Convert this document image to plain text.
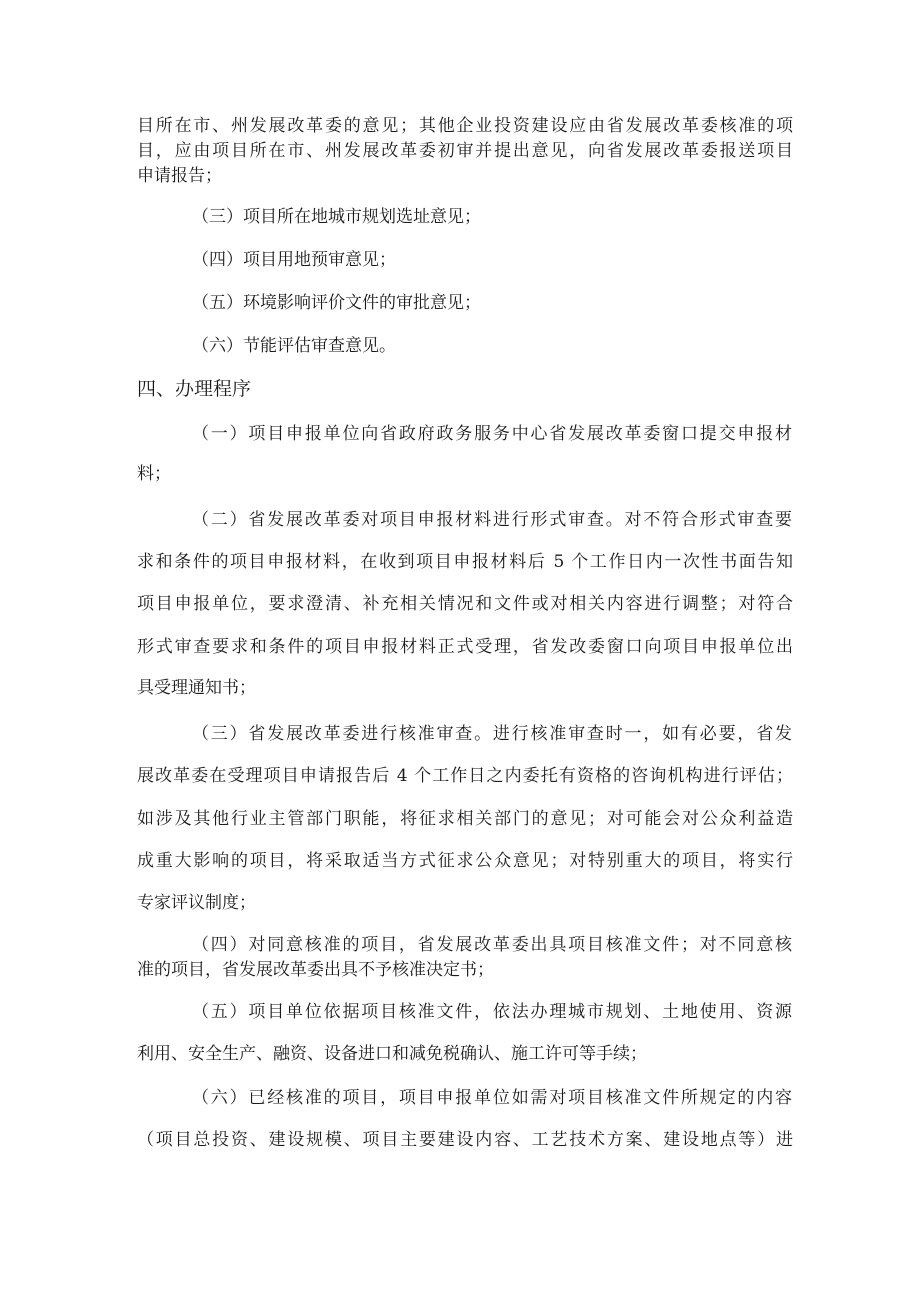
目所在市、州发展改革委的意见；其他企业投资建设应由省发展改革委核准的项
目，应由项目所在市、州发展改革委初审并提出意见，向省发展改革委报送项目
申请报告；
（三）项目所在地城市规划选址意见；
（四）项目用地预审意见；
（五）环境影响评价文件的审批意见；
（六）节能评估审查意见。
四、办理程序
（一）项目申报单位向省政府政务服务中心省发展改革委窗口提交申报材
料；
（二）省发展改革委对项目申报材料进行形式审查。对不符合形式审查要
求和条件的项目申报材料，在收到项目申报材料后 5 个工作日内一次性书面告知
项目申报单位，要求澄清、补充相关情况和文件或对相关内容进行调整；对符合
形式审查要求和条件的项目申报材料正式受理，省发改委窗口向项目申报单位出
具受理通知书；
（三）省发展改革委进行核准审查。进行核准审查时一，如有必要，省发
展改革委在受理项目申请报告后 4 个工作日之内委托有资格的咨询机构进行评估；
如涉及其他行业主管部门职能，将征求相关部门的意见；对可能会对公众利益造
成重大影响的项目，将采取适当方式征求公众意见；对特别重大的项目，将实行
专家评议制度；
（四）对同意核准的项目，省发展改革委出具项目核准文件；对不同意核
准的项目，省发展改革委出具不予核准决定书；
（五）项目单位依据项目核准文件，依法办理城市规划、土地使用、资源
利用、安全生产、融资、设备进口和减免税确认、施工许可等手续；
（六）已经核准的项目，项目申报单位如需对项目核准文件所规定的内容
（项目总投资、建设规模、项目主要建设内容、工艺技术方案、建设地点等）进
